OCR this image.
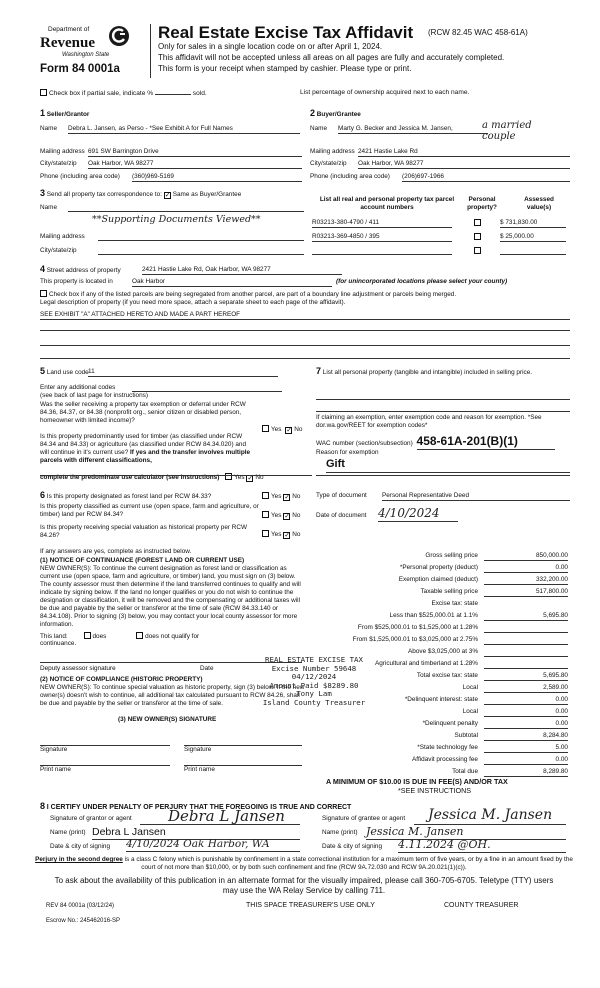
Department of
Revenue
Washington State
Form 84 0001a
Real Estate Excise Tax Affidavit (RCW 82.45 WAC 458-61A)
Only for sales in a single location code on or after April 1, 2024.
This affidavit will not be accepted unless all areas on all pages are fully and accurately completed.
This form is your receipt when stamped by cashier. Please type or print.
Check box if partial sale, indicate %	sold.	List percentage of ownership acquired next to each name.
1 Seller/Grantor
Name Debra L. Jansen, as Perso - *See Exhibit A for Full Names
Mailing address 691 SW Barrington Drive
City/state/zip Oak Harbor, WA 98277
Phone (including area code) (360)969-5169
2 Buyer/Grantee
Name Marty G. Becker and Jessica M. Jansen,	a married couple
Mailing address 2421 Hastie Lake Rd
City/state/zip Oak Harbor, WA 98277
Phone (including area code) (206)697-1966
3 Send all property tax correspondence to: ✓ Same as Buyer/Grantee
Name
**Supporting Documents Viewed**
Mailing address
City/state/zip
List all real and personal property tax parcel account numbers
Personal property?
Assessed value(s)
R03213-380-4790 / 411	$ 731,830.00
R03213-369-4850 / 395	$ 25,000.00
4 Street address of property	2421 Hastie Lake Rd, Oak Harbor, WA 98277
This property is located in	Oak Harbor	(for unincorporated locations please select your county)
Check box if any of the listed parcels are being segregated from another parcel, are part of a boundary line adjustment or parcels being merged.
Legal description of property (if you need more space, attach a separate sheet to each page of the affidavit).
SEE EXHIBIT "A" ATTACHED HERETO AND MADE A PART HEREOF
5 Land use code 11
Enter any additional codes
(see back of last page for instructions)
Was the seller receiving a property tax exemption or deferral under RCW 84.36, 84.37, or 84.38 (nonprofit org., senior citizen or disabled person, homeowner with limited income)?
Yes ✓ No
Is this property predominantly used for timber (as classified under RCW 84.34 and 84.33) or agriculture (as classified under RCW 84.34.020) and will continue in it's current use? If yes and the transfer involves multiple parcels with different classifications,
complete the predominate use calculator (see instructions) Yes ✓ No
7 List all personal property (tangible and intangible) included in selling price.
If claiming an exemption, enter exemption code and reason for exemption. *See dor.wa.gov/REET for exemption codes*
WAC number (section/subsection) 458-61A-201(B)(1)
Reason for exemption
Gift
6 Is this property designated as forest land per RCW 84.33?
Is this property classified as current use (open space, farm and agriculture, or timber) land per RCW 84.34?
Is this property receiving special valuation as historical property per RCW 84.26?
Yes ✓ No
Yes ✓ No
Yes ✓ No
Type of document Personal Representative Deed
Date of document 4/10/2024
If any answers are yes, complete as instructed below.
(1) NOTICE OF CONTINUANCE (FOREST LAND OR CURRENT USE)
NEW OWNER(S): To continue the current designation as forest land or classification as current use (open space, farm and agriculture, or timber) land, you must sign on (3) below. The county assessor must then determine if the land transferred continues to qualify and will indicate by signing below. If the land no longer qualifies or you do not wish to continue the designation or classification, it will be removed and the compensating or additional taxes will be due and payable by the seller or transferor at the time of sale (RCW 84.33.140 or 84.34.108). Prior to signing (3) below, you may contact your local county assessor for more information.
This land:	does	does not qualify for
continuance.
Deputy assessor signature	Date
(2) NOTICE OF COMPLIANCE (HISTORIC PROPERTY)
NEW OWNER(S): To continue special valuation as historic property, sign (3) below. If the new owner(s) doesn't wish to continue, all additional tax calculated pursuant to RCW 84.26, shall be due and payable by the seller or transferor at the time of sale.
(3) NEW OWNER(S) SIGNATURE
Signature	Signature
Print name	Print name
Gross selling price	850,000.00
*Personal property (deduct)	0.00
Exemption claimed (deduct)	332,200.00
Taxable selling price	517,800.00
Excise tax: state
Less than $525,000.01 at 1.1%	5,695.80
From $525,000.01 to $1,525,000 at 1.28%
From $1,525,000.01 to $3,025,000 at 2.75%
Above $3,025,000 at 3%
Agricultural and timberland at 1.28%
Total excise tax: state	5,695.80
Local	2,589.00
*Delinquent interest: state	0.00
Local	0.00
*Delinquent penalty	0.00
Subtotal	8,284.80
*State technology fee	5.00
Affidavit processing fee	0.00
Total due	8,289.80
REAL ESTATE EXCISE TAX
Excise Number 59648
04/12/2024
Amount Paid $8289.80
Tony Lam
Island County Treasurer
A MINIMUM OF $10.00 IS DUE IN FEE(S) AND/OR TAX
*SEE INSTRUCTIONS
8 I CERTIFY UNDER PENALTY OF PERJURY THAT THE FOREGOING IS TRUE AND CORRECT
Signature of grantor or agent Debra L Jansen
Name (print) Debra L Jansen
Date & city of signing 4/10/2024 Oak Harbor, WA
Signature of grantee or agent Jessica M. Jansen
Name (print) Jessica M. Jansen
Date & city of signing 4.11.2024 @OH.
Perjury in the second degree is a class C felony which is punishable by confinement in a state correctional institution for a maximum term of five years, or by a fine in an amount fixed by the court of not more than $10,000, or by both such confinement and fine (RCW 9A.72.030 and RCW 9A.20.021(1)(c)).
To ask about the availability of this publication in an alternate format for the visually impaired, please call 360-705-6705. Teletype (TTY) users may use the WA Relay Service by calling 711.
REV 84 0001a (03/12/24)	THIS SPACE TREASURER'S USE ONLY	COUNTY TREASURER
Escrow No.: 245462016-SP
